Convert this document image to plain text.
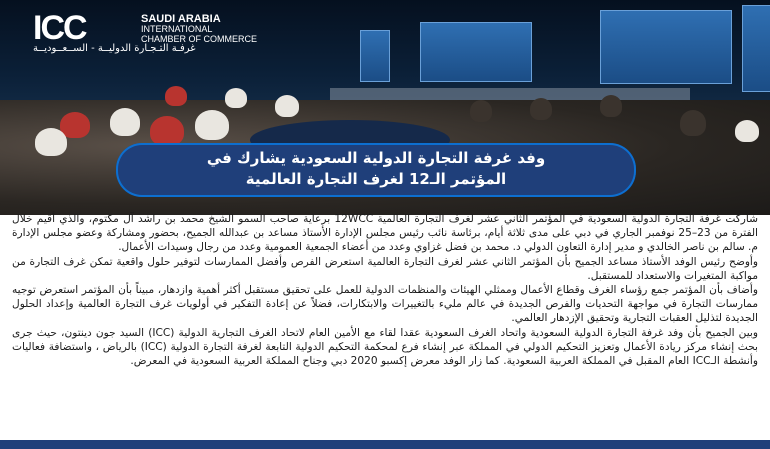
ICC	SAUDI ARABIA
INTERNATIONAL
CHAMBER OF COMMERCE
غرفـة التـجـارة الدوليــة - الســعــوديــة
وفد غرفة التجارة الدولية السعودية يشارك في
المؤتمر الـ12 لغرف التجارة العالمية

شاركت غرفة التجارة الدولية السعودية في المؤتمر الثاني عشر لغرف التجارة العالمية 12WCC برعاية صاحب السمو الشيخ محمد بن راشد آل مكتوم، والذي أقيم خلال الفترة من 23–25 نوفمبر الجاري في دبي على مدى ثلاثة أيام، برئاسة نائب رئيس مجلس الإدارة الأستاذ مساعد بن عبدالله الجميح، بحضور ومشاركة وعضو مجلس الإدارة م. سالم بن ناصر الخالدي و مدير إدارة التعاون الدولي د. محمد بن فضل غزاوي وعدد من أعضاء الجمعية العمومية وعدد من رجال وسيدات الأعمال.

وأوضح رئيس الوفد الأستاذ مساعد الجميح بأن المؤتمر الثاني عشر لغرف التجارة العالمية استعرض الفرص وأفضل الممارسات لتوفير حلول واقعية تمكن غرف التجارة من مواكبة المتغيرات والاستعداد للمستقبل.

وأضاف بأن المؤتمر جمع رؤساء الغرف وقطاع الأعمال وممثلي الهيئات والمنظمات الدولية للعمل على تحقيق مستقبل أكثر أهمية وازدهار، مبيناً بأن المؤتمر استعرض توجيه ممارسات التجارة في مواجهة التحديات والفرص الجديدة في عالم مليء بالتغييرات والابتكارات، فضلاً عن إعادة التفكير في أولويات غرف التجارة العالمية وإعداد الحلول الجديدة لتذليل العقبات التجارية وتحقيق الإزدهار العالمي.

وبين الجميح بأن وفد غرفة التجارة الدولية السعودية واتحاد الغرف السعودية عقدا لقاء مع الأمين العام لاتحاد الغرف التجارية الدولية (ICC) السيد جون دينتون، حيث جرى بحث إنشاء مركز ريادة الأعمال وتعزيز التحكيم الدولي في المملكة عبر إنشاء فرع لمحكمة التحكيم الدولية التابعة لغرفة التجارة الدولية (ICC) بالرياض ، واستضافة فعاليات وأنشطة الـICC العام المقبل في المملكة العربية السعودية. كما زار الوفد معرض إكسبو 2020 دبي وجناح المملكة العربية السعودية في المعرض.
